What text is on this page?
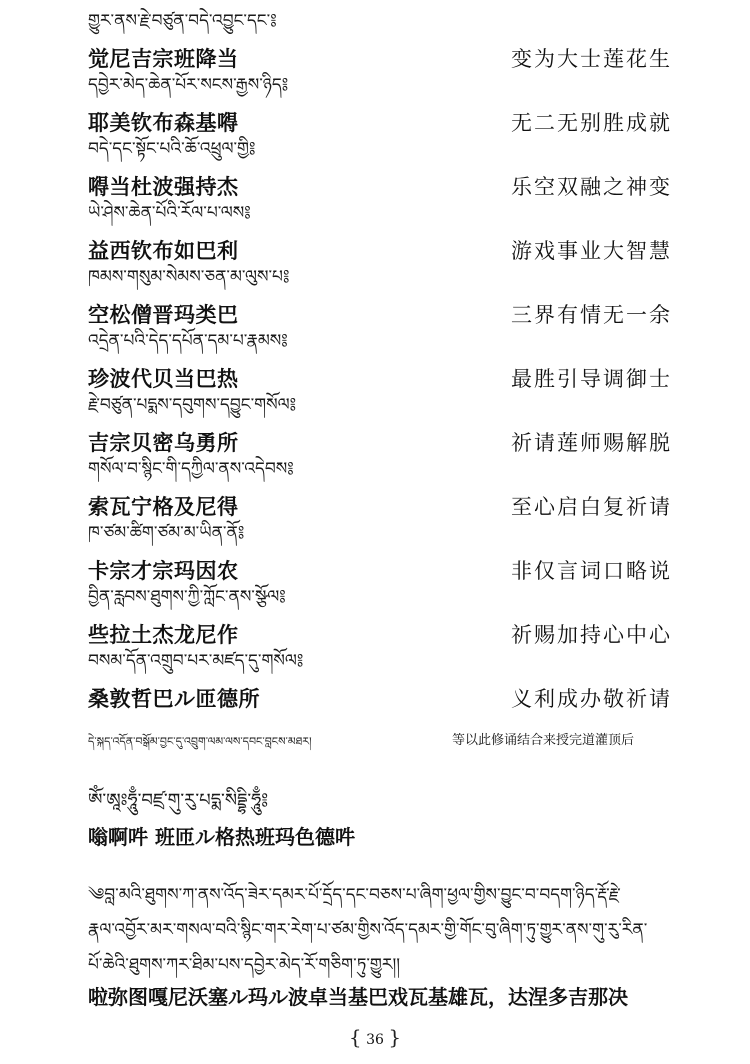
གྱུར་ནས་རྗེ་བཙུན་བདེ་འབྱུང་དང་༔
དབྱེར་མེད་ཆེན་པོར་སངས་རྒྱས་ཉིད༔
བདེ་དང་སྟོང་པའི་ཆོ་འཕྲུལ་གྱི༔
ཡེ་ཤེས་ཆེན་པོའི་རོལ་པ་ལས༔
ཁམས་གསུམ་སེམས་ཅན་མ་ལུས་པ༔
འདྲེན་པའི་དེད་དཔོན་དམ་པ་རྣམས༔
རྗེ་བཙུན་པདྨས་དབུགས་དབྱུང་གསོལ༔
གསོལ་བ་སྙིང་གི་དཀྱིལ་ནས་འདེབས༔
ཁ་ཙམ་ཚིག་ཙམ་མ་ཡིན་ནོ༔
བྱིན་རླབས་ཐུགས་ཀྱི་ཀློང་ནས་སྩོལ༔
བསམ་དོན་འགྲུབ་པར་མཛད་དུ་གསོལ༔
觉尼吉宗班降当	变为大士莲花生
耶美钦布森基嘚	无二无别胜成就
嘚当杜波强持杰	乐空双融之神变
益西钦布如巴利	游戏事业大智慧
空松僧晋玛类巴	三界有情无一余
珍波代贝当巴热	最胜引导调御士
吉宗贝密乌勇所	祈请莲师赐解脱
索瓦宁格及尼得	至心启白复祈请
卡宗才宗玛因农	非仅言词口略说
些拉土杰龙尼作	祈赐加持心中心
桑敦哲巴ル匝德所	义利成办敬祈请
དེ་སྐད་འདོན་བསྒོམ་བྱང་དུ་འབྲུག་ལམ་ལས་དབང་བླངས་མཐར།	等以此修诵结合来授完道灌顶后
ཨོཾ་ཨཱཿཧཱུྃ་བཛྲ་གུ་རུ་པདྨ་སིདྡྷི་ཧཱུྃ༔
嗡啊吽 班匝ル格热班玛色德吽
༄བླ་མའི་ཐུགས་ཀ་ནས་འོད་ཟེར་དམར་པོ་དྲོད་དང་བཅས་པ་ཞིག་ཕྱལ་གྱིས་བྱུང་བ་བདག་ཉིད་རྡོ་རྗེ་
རྣལ་འབྱོར་མར་གསལ་བའི་སྙིང་གར་རེག་པ་ཙམ་གྱིས་འོད་དམར་གྱི་གོང་བུ་ཞིག་ཏུ་གྱུར་ནས་གུ་རུ་རིན་
པོ་ཆེའི་ཐུགས་ཀར་ཐིམ་པས་དབྱེར་མེད་རོ་གཅིག་ཏུ་གྱུར།།
啦弥图嘎尼沃塞ル玛ル波卓当基巴戏瓦基雄瓦，达涅多吉那决
{ 36 }
